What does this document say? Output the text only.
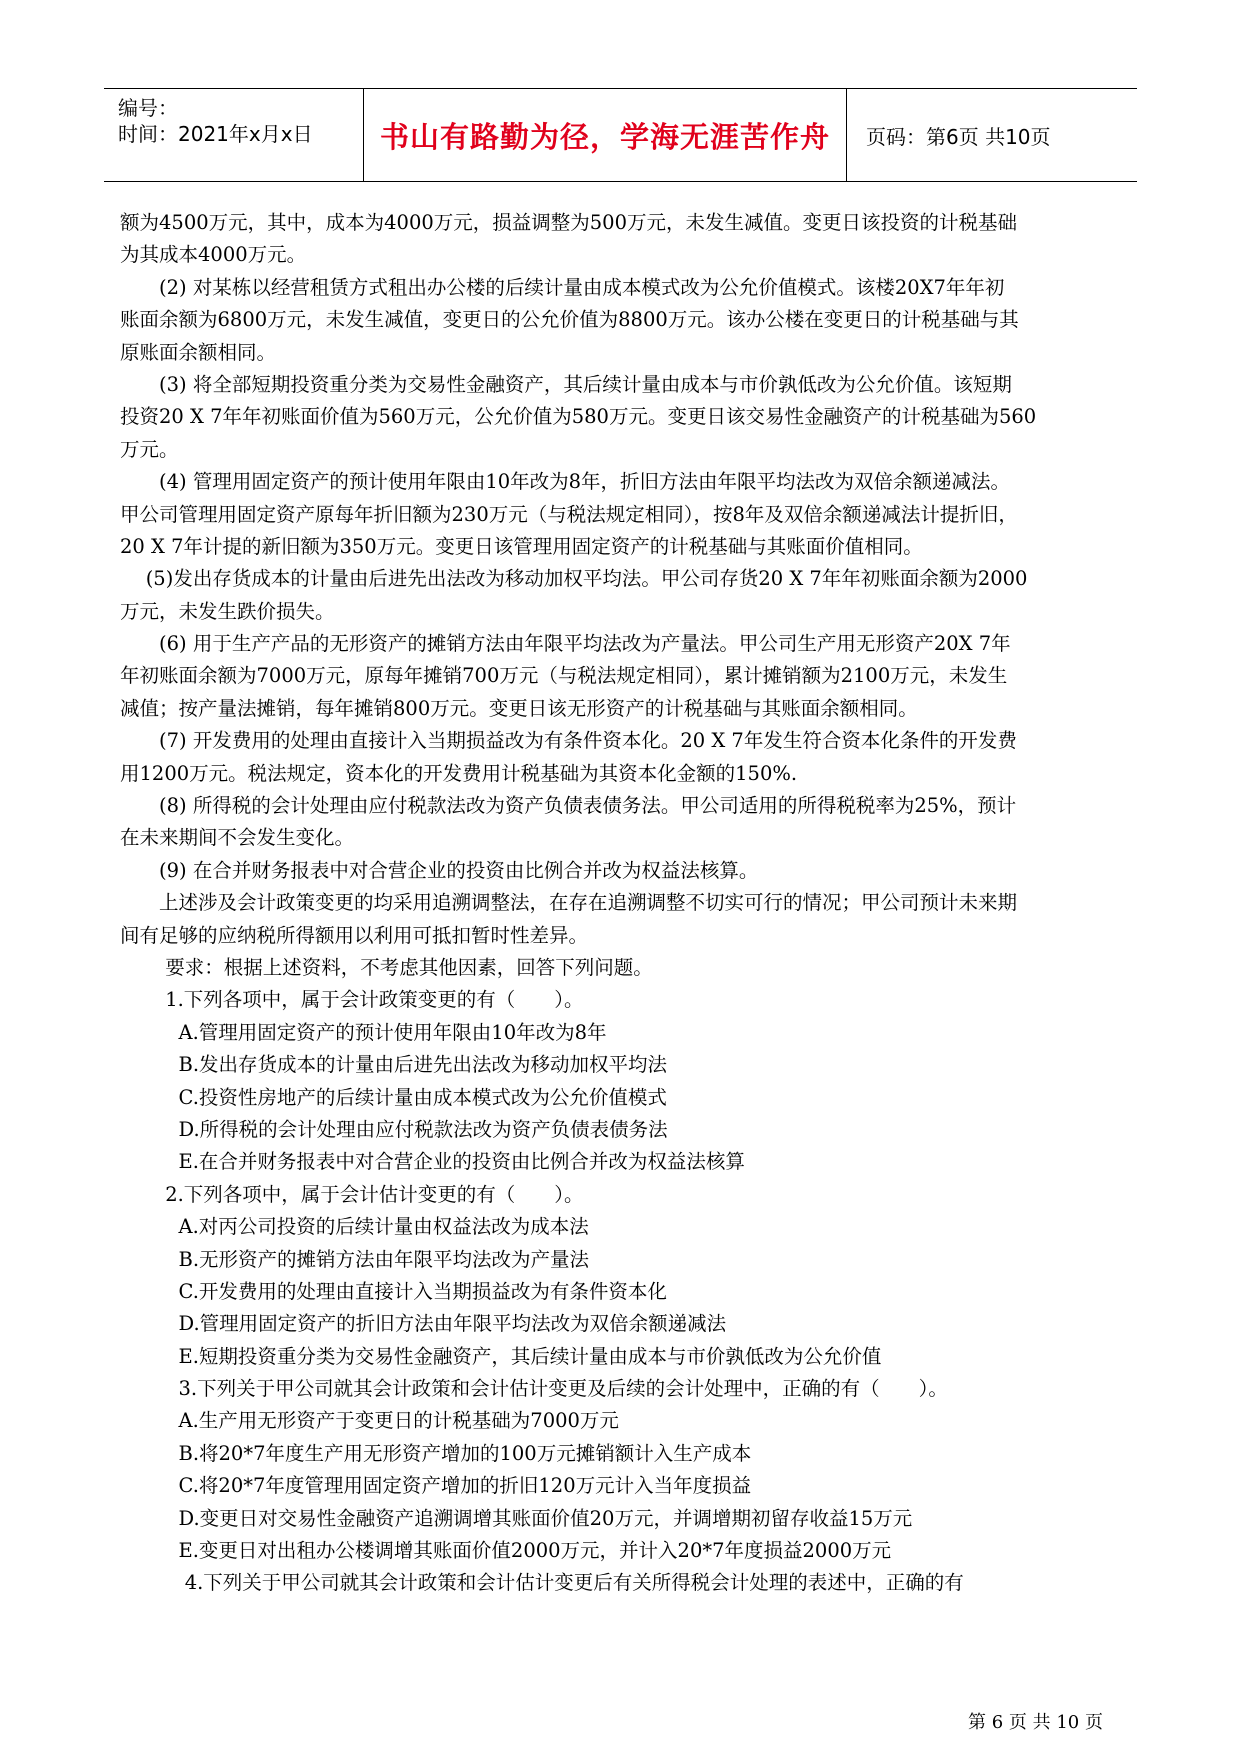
编号：
时间：2021年x月x日	书山有路勤为径，学海无涯苦作舟	页码：第6页 共10页
额为4500万元，其中，成本为4000万元，损益调整为500万元，未发生减值。变更日该投资的计税基础
为其成本4000万元。
　　(2) 对某栋以经营租赁方式租出办公楼的后续计量由成本模式改为公允价值模式。该楼20X7年年初
账面余额为6800万元，未发生减值，变更日的公允价值为8800万元。该办公楼在变更日的计税基础与其
原账面余额相同。
　　(3) 将全部短期投资重分类为交易性金融资产，其后续计量由成本与市价孰低改为公允价值。该短期
投资20 X 7年年初账面价值为560万元，公允价值为580万元。变更日该交易性金融资产的计税基础为560
万元。
　　(4) 管理用固定资产的预计使用年限由10年改为8年，折旧方法由年限平均法改为双倍余额递减法。
甲公司管理用固定资产原每年折旧额为230万元（与税法规定相同），按8年及双倍余额递减法计提折旧，
20 X 7年计提的新旧额为350万元。变更日该管理用固定资产的计税基础与其账面价值相同。
　 (5)发出存货成本的计量由后进先出法改为移动加权平均法。甲公司存货20 X 7年年初账面余额为2000
万元，未发生跌价损失。
　　(6) 用于生产产品的无形资产的摊销方法由年限平均法改为产量法。甲公司生产用无形资产20X 7年
年初账面余额为7000万元，原每年摊销700万元（与税法规定相同），累计摊销额为2100万元，未发生
减值；按产量法摊销，每年摊销800万元。变更日该无形资产的计税基础与其账面余额相同。
　　(7) 开发费用的处理由直接计入当期损益改为有条件资本化。20 X 7年发生符合资本化条件的开发费
用1200万元。税法规定，资本化的开发费用计税基础为其资本化金额的150%.
　　(8) 所得税的会计处理由应付税款法改为资产负债表债务法。甲公司适用的所得税税率为25%，预计
在未来期间不会发生变化。
　　(9) 在合并财务报表中对合营企业的投资由比例合并改为权益法核算。
　　上述涉及会计政策变更的均采用追溯调整法，在存在追溯调整不切实可行的情况；甲公司预计未来期
间有足够的应纳税所得额用以利用可抵扣暂时性差异。
　　 要求：根据上述资料，不考虑其他因素，回答下列问题。
　　 1.下列各项中，属于会计政策变更的有（　　）。
　　　A.管理用固定资产的预计使用年限由10年改为8年
　　　B.发出存货成本的计量由后进先出法改为移动加权平均法
　　　C.投资性房地产的后续计量由成本模式改为公允价值模式
　　　D.所得税的会计处理由应付税款法改为资产负债表债务法
　　　E.在合并财务报表中对合营企业的投资由比例合并改为权益法核算
　　 2.下列各项中，属于会计估计变更的有（　　）。
　　　A.对丙公司投资的后续计量由权益法改为成本法
　　　B.无形资产的摊销方法由年限平均法改为产量法
　　　C.开发费用的处理由直接计入当期损益改为有条件资本化
　　　D.管理用固定资产的折旧方法由年限平均法改为双倍余额递减法
　　　E.短期投资重分类为交易性金融资产，其后续计量由成本与市价孰低改为公允价值
　　　3.下列关于甲公司就其会计政策和会计估计变更及后续的会计处理中，正确的有（　　）。
　　　A.生产用无形资产于变更日的计税基础为7000万元
　　　B.将20*7年度生产用无形资产增加的100万元摊销额计入生产成本
　　　C.将20*7年度管理用固定资产增加的折旧120万元计入当年度损益
　　　D.变更日对交易性金融资产追溯调增其账面价值20万元，并调增期初留存收益15万元
　　　E.变更日对出租办公楼调增其账面价值2000万元，并计入20*7年度损益2000万元
　　　 4.下列关于甲公司就其会计政策和会计估计变更后有关所得税会计处理的表述中，正确的有
第 6 页 共 10 页
